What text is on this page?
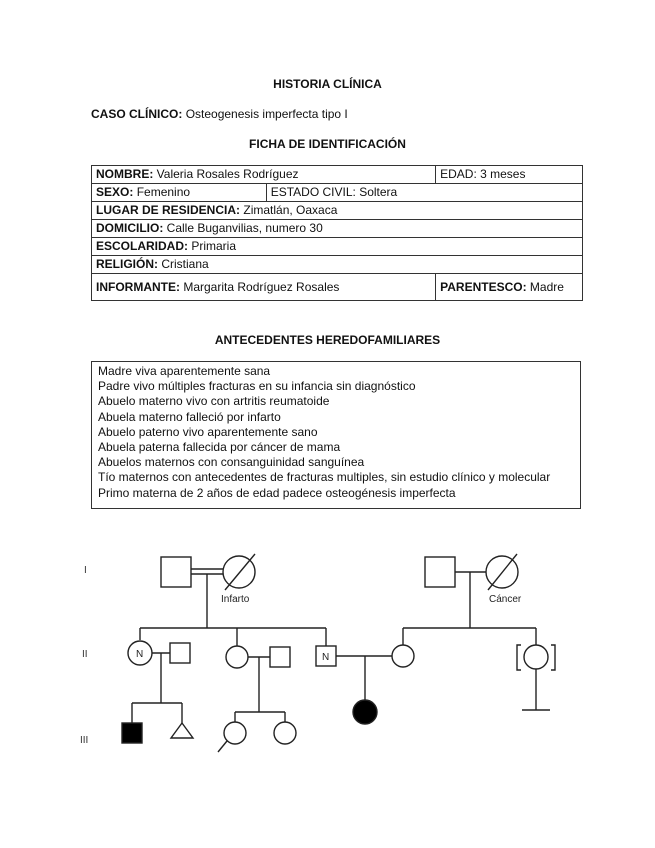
HISTORIA CLÍNICA
CASO CLÍNICO: Osteogenesis imperfecta tipo I
FICHA DE IDENTIFICACIÓN
NOMBRE: Valeria Rosales Rodríguez		EDAD: 3 meses
SEXO: Femenino	ESTADO CIVIL: Soltera	
LUGAR DE RESIDENCIA: Zimatlán, Oaxaca		
DOMICILIO: Calle Buganvilias, numero 30		
ESCOLARIDAD: Primaria		
RELIGIÓN: Cristiana		
INFORMANTE: Margarita Rodríguez Rosales		PARENTESCO: Madre
ANTECEDENTES HEREDOFAMILIARES
Madre viva aparentemente sana
Padre vivo múltiples fracturas en su infancia sin diagnóstico
Abuelo materno vivo con artritis reumatoide
Abuela materno falleció por infarto
Abuelo paterno vivo aparentemente sano
Abuela paterna fallecida por cáncer de mama
Abuelos maternos con consanguinidad sanguínea
Tío maternos con antecedentes de fracturas multiples, sin estudio clínico y molecular
Primo materna de 2 años de edad padece osteogénesis imperfecta
I
II
III
Infarto	Cáncer
N	N
